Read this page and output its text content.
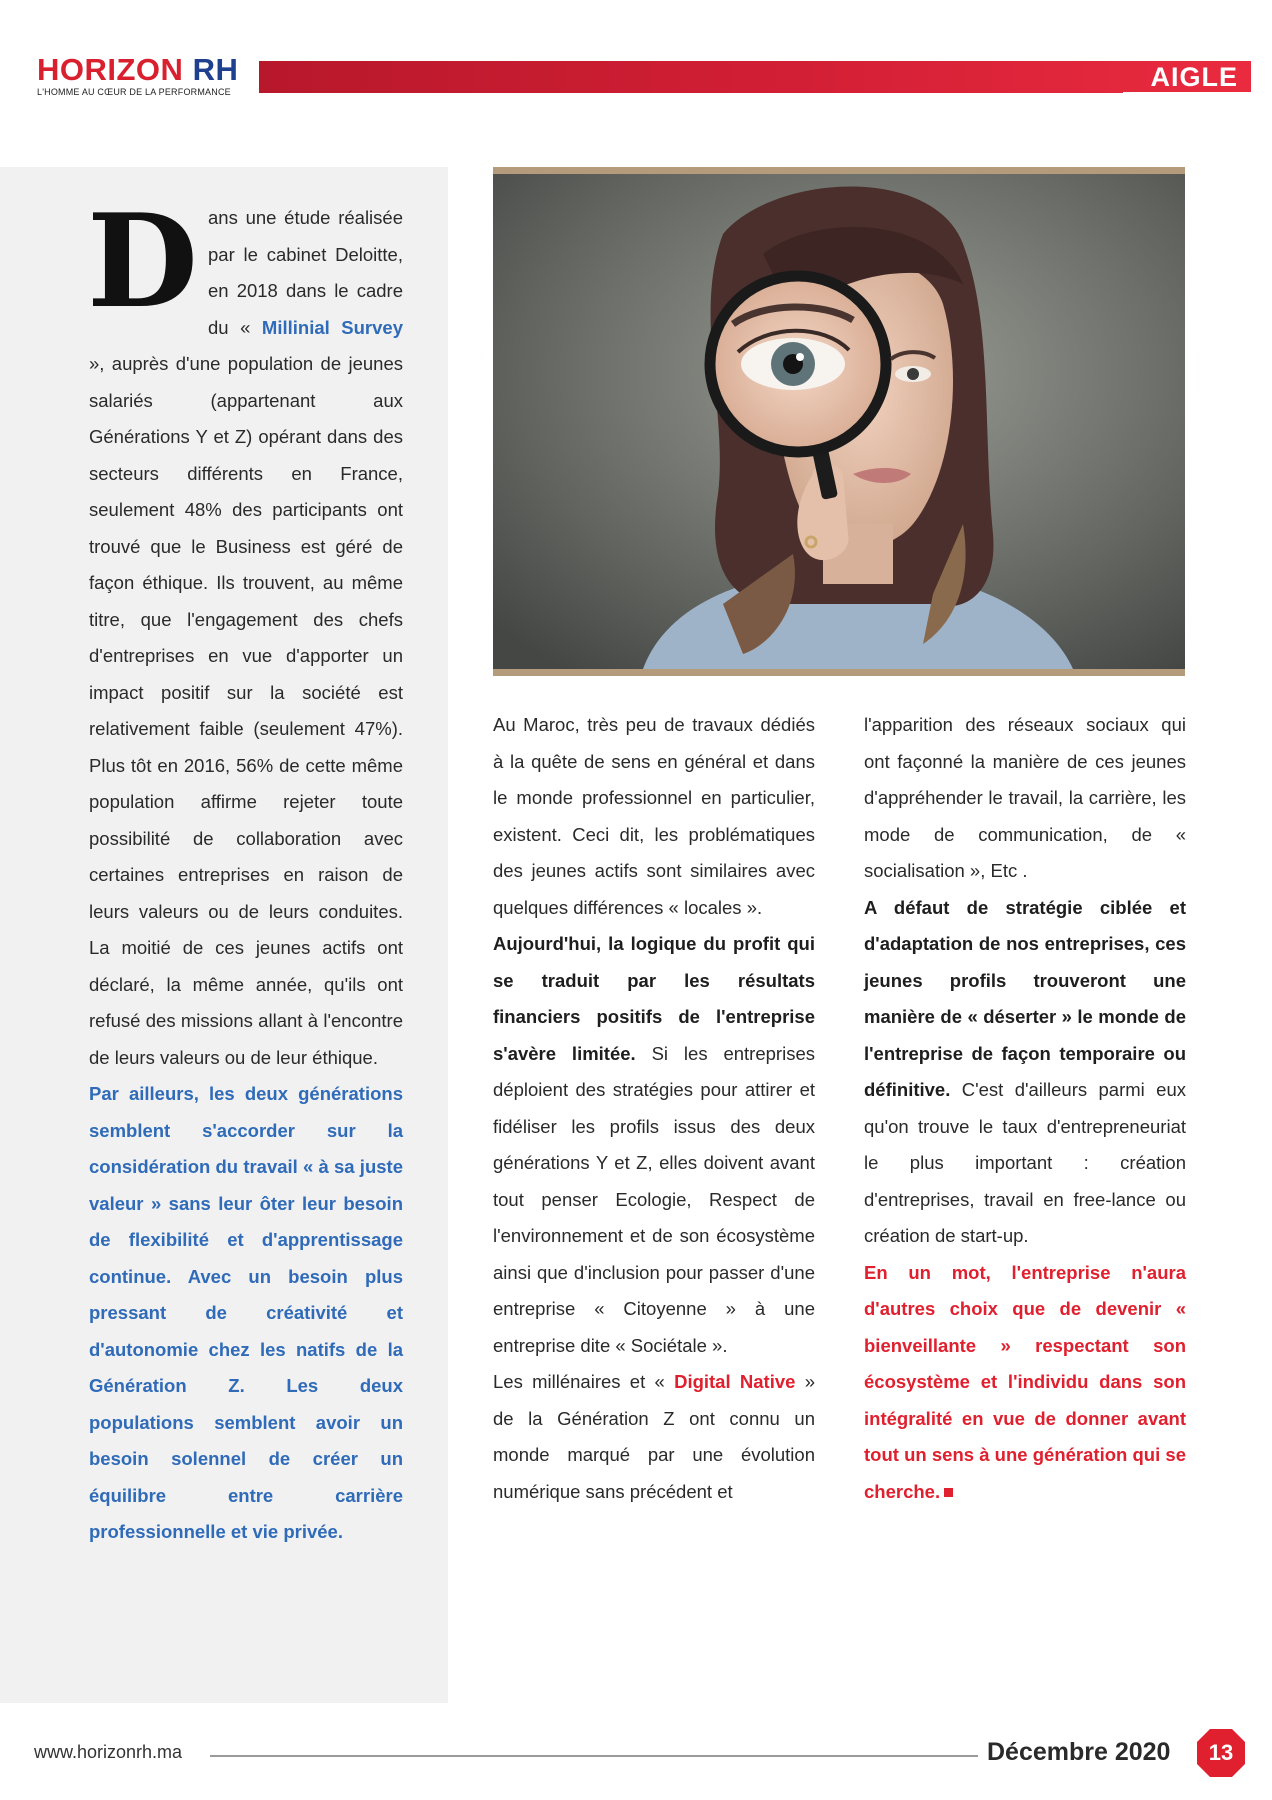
HORIZON RH
L'HOMME AU CŒUR DE LA PERFORMANCE	AIGLE

Dans une étude réalisée par le cabinet Deloitte, en 2018 dans le cadre du « Millinial Survey », auprès d'une population de jeunes salariés (appartenant aux Générations Y et Z) opérant dans des secteurs différents en France, seulement 48% des participants ont trouvé que le Business est géré de façon éthique. Ils trouvent, au même titre, que l'engagement des chefs d'entreprises en vue d'apporter un impact positif sur la société est relativement faible (seulement 47%). Plus tôt en 2016, 56% de cette même population affirme rejeter toute possibilité de collaboration avec certaines entreprises en raison de leurs valeurs ou de leurs conduites. La moitié de ces jeunes actifs ont déclaré, la même année, qu'ils ont refusé des missions allant à l'encontre de leurs valeurs ou de leur éthique.

Par ailleurs, les deux générations semblent s'accorder sur la considération du travail « à sa juste valeur » sans leur ôter leur besoin de flexibilité et d'apprentissage continue. Avec un besoin plus pressant de créativité et d'autonomie chez les natifs de la Génération Z. Les deux populations semblent avoir un besoin solennel de créer un équilibre entre carrière professionnelle et vie privée.

Au Maroc, très peu de travaux dédiés à la quête de sens en général et dans le monde professionnel en particulier, existent. Ceci dit, les problématiques des jeunes actifs sont similaires avec quelques différences « locales ».

Aujourd'hui, la logique du profit qui se traduit par les résultats financiers positifs de l'entreprise s'avère limitée. Si les entreprises déploient des stratégies pour attirer et fidéliser les profils issus des deux générations Y et Z, elles doivent avant tout penser Ecologie, Respect de l'environnement et de son écosystème ainsi que d'inclusion pour passer d'une entreprise « Citoyenne » à une entreprise dite « Sociétale ».

Les millénaires et « Digital Native » de la Génération Z ont connu un monde marqué par une évolution numérique sans précédent et

l'apparition des réseaux sociaux qui ont façonné la manière de ces jeunes d'appréhender le travail, la carrière, les mode de communication, de « socialisation », Etc .

A défaut de stratégie ciblée et d'adaptation de nos entreprises, ces jeunes profils trouveront une manière de « déserter » le monde de l'entreprise de façon temporaire ou définitive. C'est d'ailleurs parmi eux qu'on trouve le taux d'entrepreneuriat le plus important : création d'entreprises, travail en free-lance ou création de start-up.

En un mot, l'entreprise n'aura d'autres choix que de devenir « bienveillante » respectant son écosystème et l'individu dans son intégralité en vue de donner avant tout un sens à une génération qui se cherche.

www.horizonrh.ma	Décembre 2020	13
